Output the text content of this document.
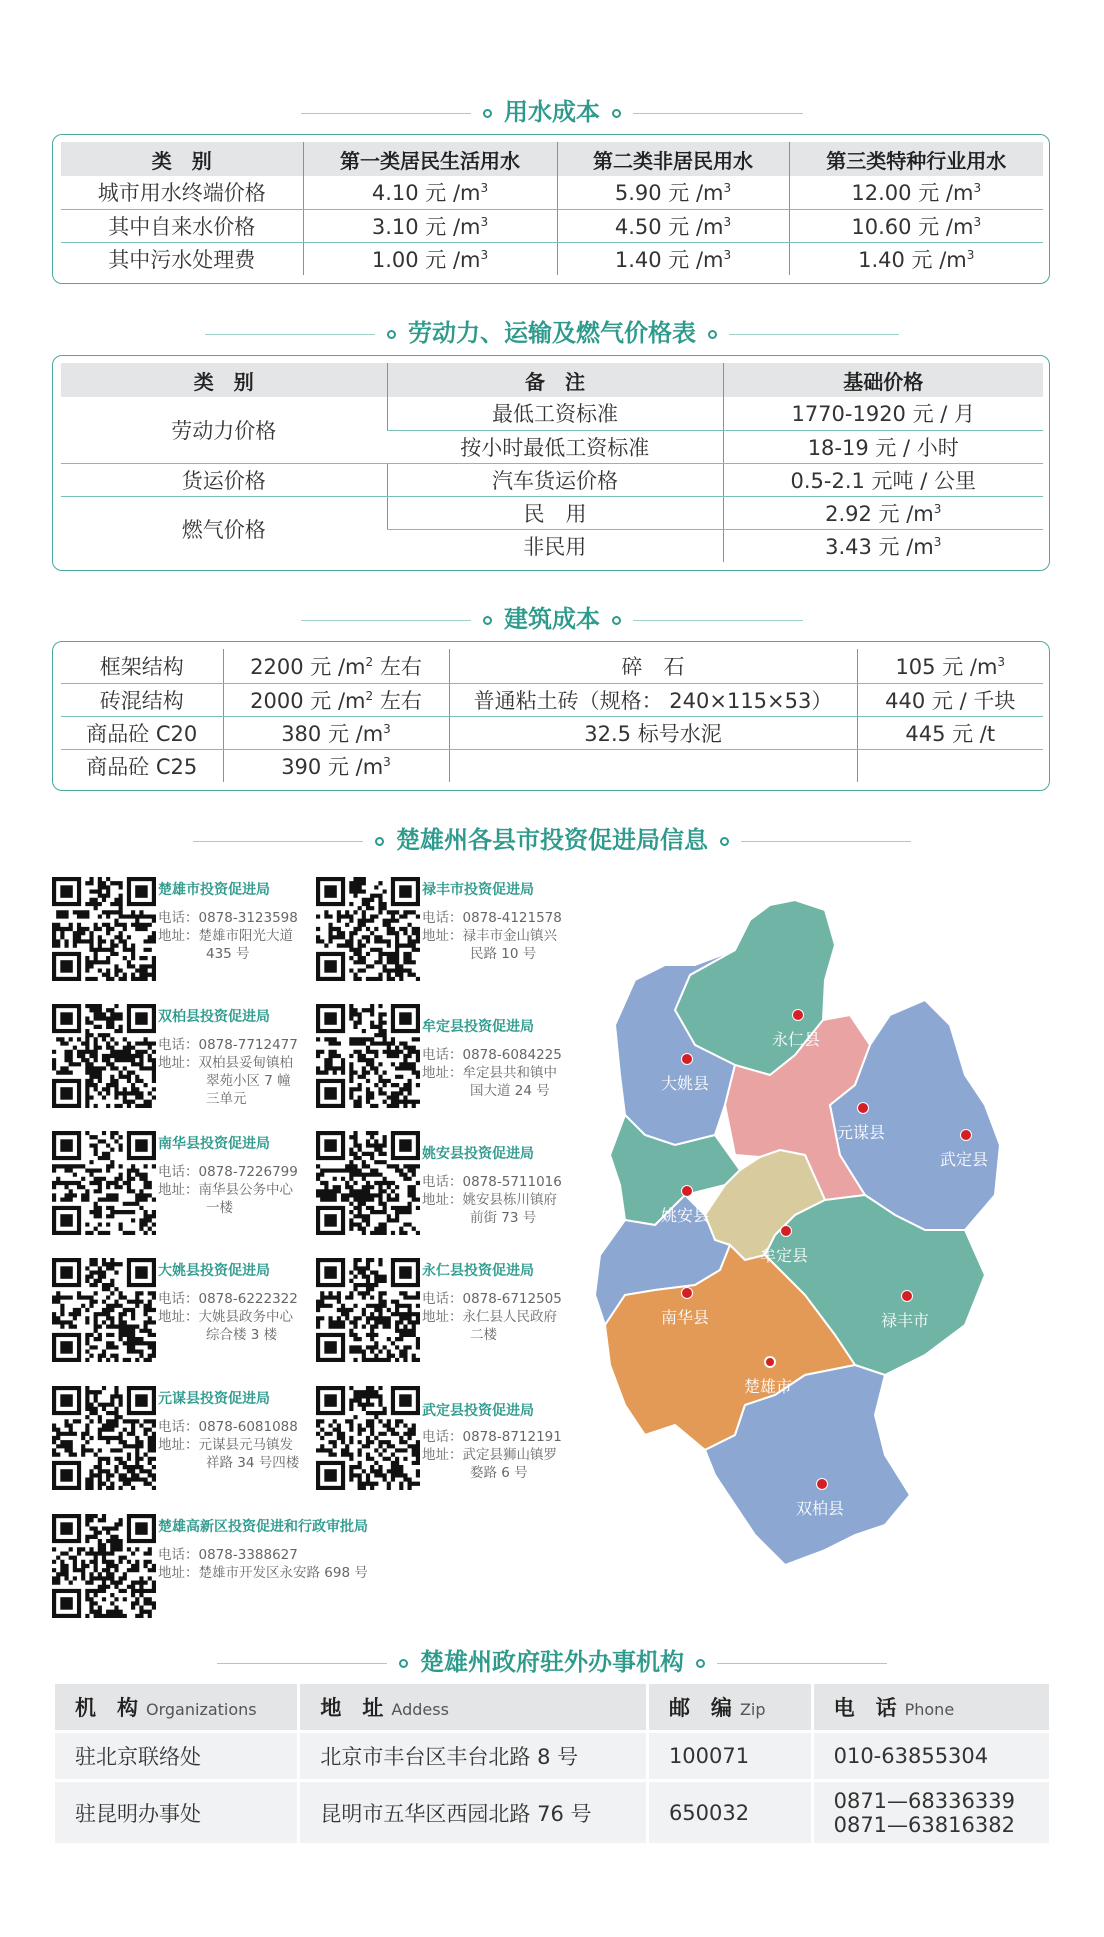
用水成本
类　别	第一类居民生活用水	第二类非居民用水	第三类特种行业用水
城市用水终端价格	4.10 元 $/m^3$	5.90 元 $/m^3$	12.00 元 $/m^3$
其中自来水价格	3.10 元 $/m^3$	4.50 元 $/m^3$	10.60 元 $/m^3$
其中污水处理费	1.00 元 $/m^3$	1.40 元 $/m^3$	1.40 元 $/m^3$
劳动力、运输及燃气价格表
类　别	备　注	基础价格
劳动力价格	最低工资标准	1770-1920 元 / 月
	按小时最低工资标准	18-19 元 / 小时
货运价格	汽车货运价格	0.5-2.1 元吨 / 公里
燃气价格	民　用	2.92 元 $/m^3$
	非民用	3.43 元 $/m^3$
建筑成本
框架结构	2200 元 $/m^2$ 左右	碎　石	105 元 $/m^3$
砖混结构	2000 元 $/m^2$ 左右	普通粘土砖（规格： 240×115×53）	440 元 / 千块
商品砼 C20	380 元 $/m^3$	32.5 标号水泥	445 元 /t
商品砼 C25	390 元 $/m^3$		
楚雄州各县市投资促进局信息
楚雄市投资促进局
电话：0878-3123598
地址：楚雄市阳光大道 435 号
禄丰市投资促进局
电话：0878-4121578
地址：禄丰市金山镇兴民路 10 号
双柏县投资促进局
电话：0878-7712477
地址：双柏县妥甸镇柏翠苑小区 7 幢三单元
牟定县投资促进局
电话：0878-6084225
地址：牟定县共和镇中国大道 24 号
南华县投资促进局
电话：0878-7226799
地址：南华县公务中心一楼
姚安县投资促进局
电话：0878-5711016
地址：姚安县栋川镇府前街 73 号
大姚县投资促进局
电话：0878-6222322
地址：大姚县政务中心综合楼 3 楼
永仁县投资促进局
电话：0878-6712505
地址：永仁县人民政府二楼
元谋县投资促进局
电话：0878-6081088
地址：元谋县元马镇发祥路 34 号四楼
武定县投资促进局
电话：0878-8712191
地址：武定县狮山镇罗婺路 6 号
楚雄高新区投资促进和行政审批局
电话：0878-3388627
地址：楚雄市开发区永安路 698 号
永仁县
大姚县
元谋县
武定县
姚安县
牟定县
南华县	禄丰市
楚雄市
双柏县
楚雄州政府驻外办事机构
机　构 Organizations	地　址 Addess	邮　编 Zip	电　话 Phone
驻北京联络处	北京市丰台区丰台北路 8 号	100071	010-63855304
驻昆明办事处	昆明市五华区西园北路 76 号	650032	0871—68336339
0871—63816382
